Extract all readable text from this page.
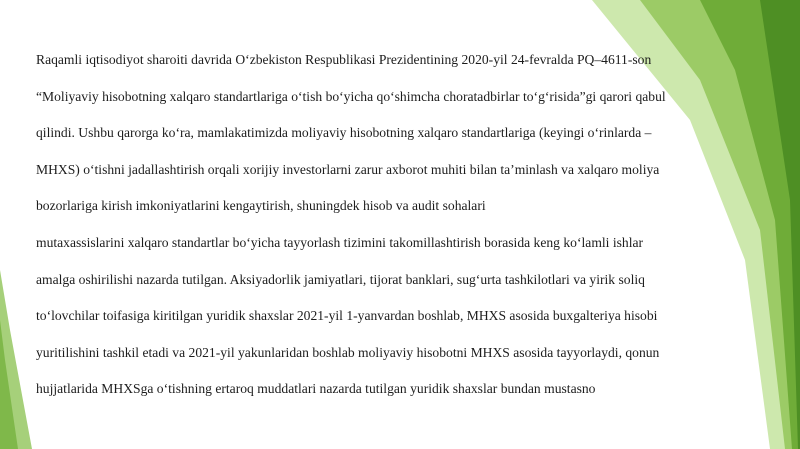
Raqamli iqtisodiyot sharoiti davrida O‘zbekiston Respublikasi Prezidentining 2020-yil 24-fevralda PQ–4611-son
“Moliyaviy hisobotning xalqaro standartlariga o‘tish bo‘yicha qo‘shimcha choratadbirlar to‘g‘risida”gi qarori qabul
qilindi. Ushbu qarorga ko‘ra, mamlakatimizda moliyaviy hisobotning xalqaro standartlariga (keyingi o‘rinlarda –
MHXS) o‘tishni jadallashtirish orqali xorijiy investorlarni zarur axborot muhiti bilan ta’minlash va xalqaro moliya
bozorlariga kirish imkoniyatlarini kengaytirish, shuningdek hisob va audit sohalari
mutaxassislarini xalqaro standartlar bo‘yicha tayyorlash tizimini takomillashtirish borasida keng ko‘lamli ishlar
amalga oshirilishi nazarda tutilgan. Aksiyadorlik jamiyatlari, tijorat banklari, sug‘urta tashkilotlari va yirik soliq
to‘lovchilar toifasiga kiritilgan yuridik shaxslar 2021-yil 1-yanvardan boshlab, MHXS asosida buxgalteriya hisobi
yuritilishini tashkil etadi va 2021-yil yakunlaridan boshlab moliyaviy hisobotni MHXS asosida tayyorlaydi, qonun
hujjatlarida MHXSga o‘tishning ertaroq muddatlari nazarda tutilgan yuridik shaxslar bundan mustasno
